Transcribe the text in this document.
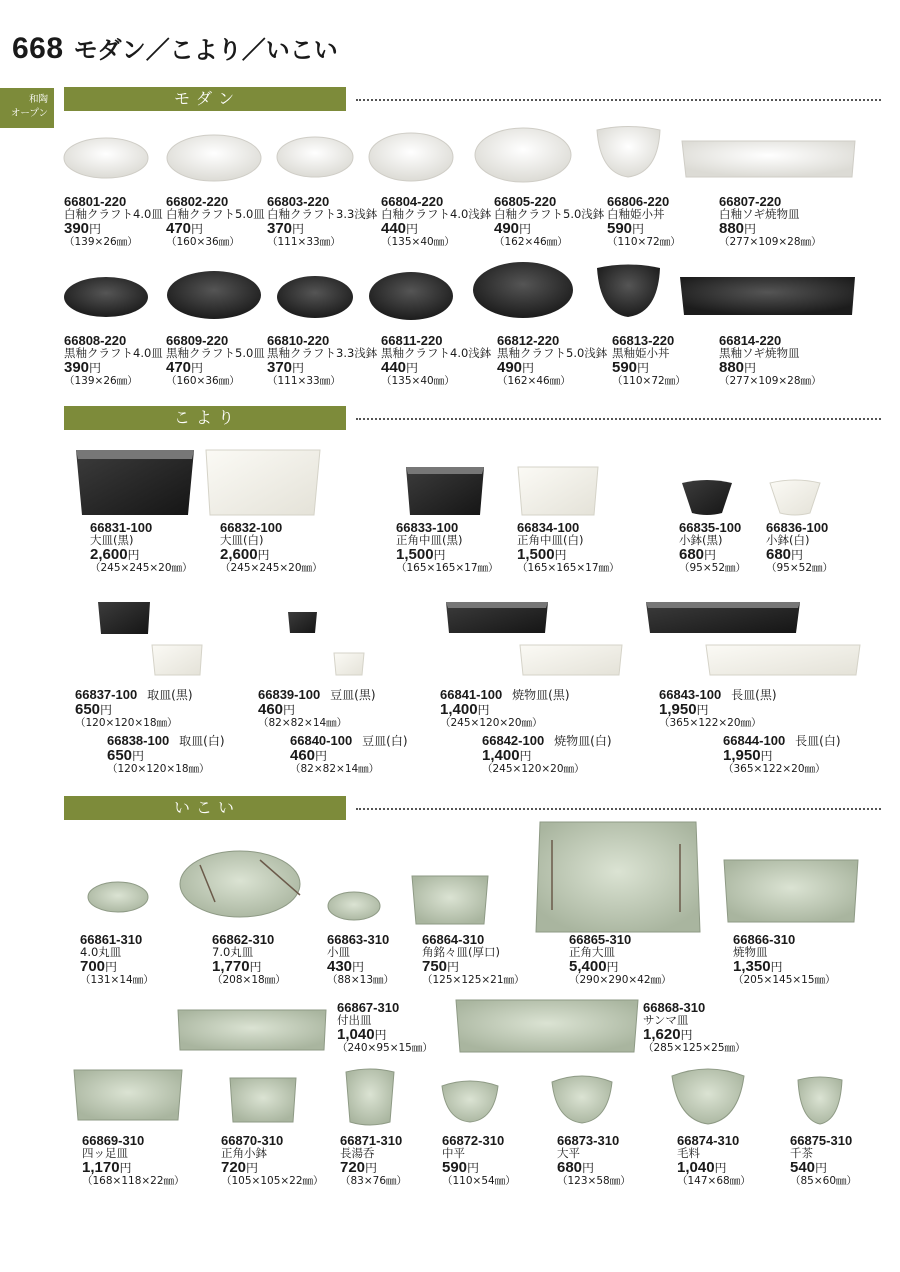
668 モダン／こより／いこい
和陶
オープン
モダン
こより
いこい
66801-220
白釉クラフト4.0皿
390円
（139×26㎜）
66802-220
白釉クラフト5.0皿
470円
（160×36㎜）
66803-220
白釉クラフト3.3浅鉢
370円
（111×33㎜）
66804-220
白釉クラフト4.0浅鉢
440円
（135×40㎜）
66805-220
白釉クラフト5.0浅鉢
490円
（162×46㎜）
66806-220
白釉姫小丼
590円
（110×72㎜）
66807-220
白釉ソギ焼物皿
880円
（277×109×28㎜）
66808-220
黒釉クラフト4.0皿
390円
（139×26㎜）
66809-220
黒釉クラフト5.0皿
470円
（160×36㎜）
66810-220
黒釉クラフト3.3浅鉢
370円
（111×33㎜）
66811-220
黒釉クラフト4.0浅鉢
440円
（135×40㎜）
66812-220
黒釉クラフト5.0浅鉢
490円
（162×46㎜）
66813-220
黒釉姫小丼
590円
（110×72㎜）
66814-220
黒釉ソギ焼物皿
880円
（277×109×28㎜）
66831-100
大皿(黒)
2,600円
（245×245×20㎜）
66832-100
大皿(白)
2,600円
（245×245×20㎜）
66833-100
正角中皿(黒)
1,500円
（165×165×17㎜）
66834-100
正角中皿(白)
1,500円
（165×165×17㎜）
66835-100
小鉢(黒)
680円
（95×52㎜）
66836-100
小鉢(白)
680円
（95×52㎜）
66837-100 取皿(黒)
650円
（120×120×18㎜）
66838-100 取皿(白)
650円
（120×120×18㎜）
66839-100 豆皿(黒)
460円
（82×82×14㎜）
66840-100 豆皿(白)
460円
（82×82×14㎜）
66841-100 焼物皿(黒)
1,400円
（245×120×20㎜）
66842-100 焼物皿(白)
1,400円
（245×120×20㎜）
66843-100 長皿(黒)
1,950円
（365×122×20㎜）
66844-100 長皿(白)
1,950円
（365×122×20㎜）
66861-310
4.0丸皿
700円
（131×14㎜）
66862-310
7.0丸皿
1,770円
（208×18㎜）
66863-310
小皿
430円
（88×13㎜）
66864-310
角銘々皿(厚口)
750円
（125×125×21㎜）
66865-310
正角大皿
5,400円
（290×290×42㎜）
66866-310
焼物皿
1,350円
（205×145×15㎜）
66867-310
付出皿
1,040円
（240×95×15㎜）
66868-310
サンマ皿
1,620円
（285×125×25㎜）
66869-310
四ッ足皿
1,170円
（168×118×22㎜）
66870-310
正角小鉢
720円
（105×105×22㎜）
66871-310
長湯呑
720円
（83×76㎜）
66872-310
中平
590円
（110×54㎜）
66873-310
大平
680円
（123×58㎜）
66874-310
毛料
1,040円
（147×68㎜）
66875-310
千茶
540円
（85×60㎜）
